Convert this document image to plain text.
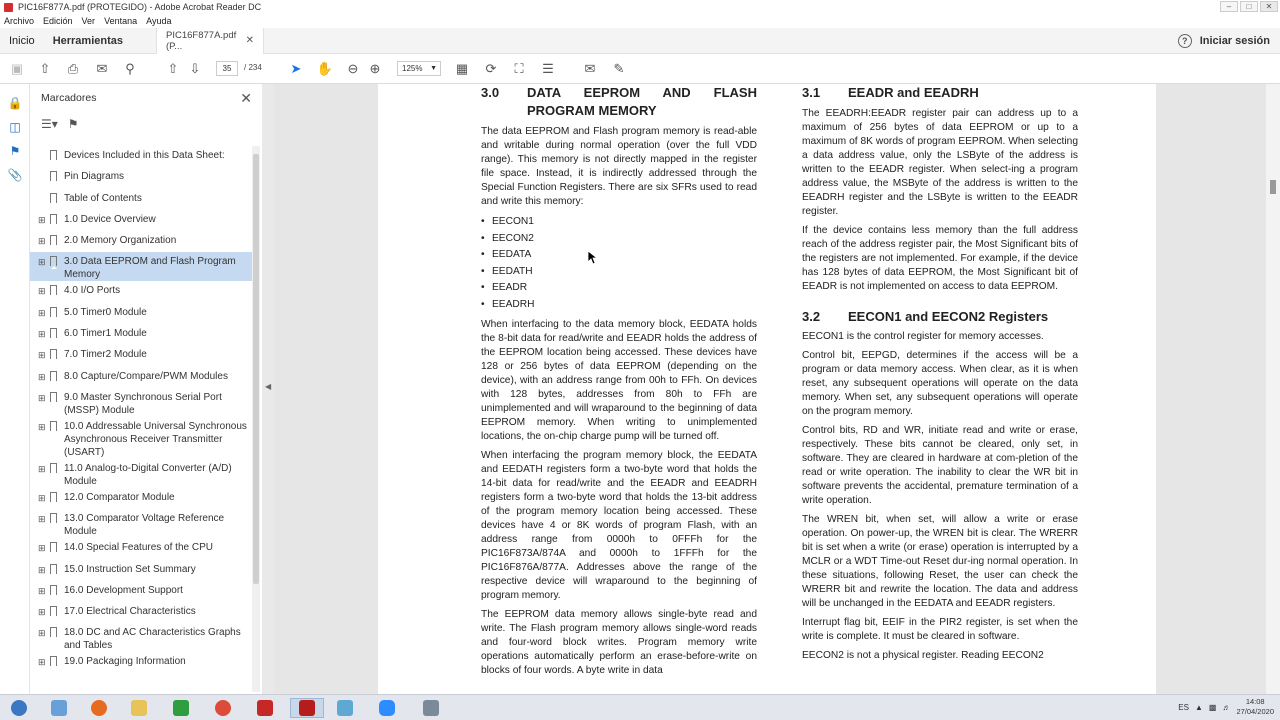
PIC16F877A.pdf (PROTEGIDO) - Adobe Acrobat Reader DC	–	□	✕
Archivo Edición Ver Ventana Ayuda
Inicio	Herramientas	PIC16F877A.pdf (P...	✕	?	Iniciar sesión
▣ ⇧ ⎙ ✉	⚲	⇧ ⇩	35	/ 234 ➤ ✋ ⊖ ⊕	125% ▼ ▦ ⟳	⛶	☰ ✉ ✎
🔒
◫
⚑
📎
Marcadores	✕
☰▾ ⚑
Devices Included in this Data Sheet:
Pin Diagrams
Table of Contents
⊞ 1.0 Device Overview
⊞ 2.0 Memory Organization
⊞ 3.0 Data EEPROM and Flash Program Memory
⊞ 4.0 I/O Ports
⊞ 5.0 Timer0 Module
⊞ 6.0 Timer1 Module
⊞ 7.0 Timer2 Module
⊞ 8.0 Capture/Compare/PWM Modules
⊞ 9.0 Master Synchronous Serial Port (MSSP) Module
⊞ 10.0 Addressable Universal Synchronous Asynchronous Receiver Transmitter (USART)
⊞ 11.0 Analog-to-Digital Converter (A/D) Module
⊞ 12.0 Comparator Module
⊞ 13.0 Comparator Voltage Reference Module
⊞ 14.0 Special Features of the CPU
⊞ 15.0 Instruction Set Summary
⊞ 16.0 Development Support
⊞ 17.0 Electrical Characteristics
⊞ 18.0 DC and AC Characteristics Graphs and Tables
⊞ 19.0 Packaging Information
◀
3.0	DATA EEPROM AND FLASH PROGRAM MEMORY
The data EEPROM and Flash program memory is read-able and writable during normal operation (over the full VDD range). This memory is not directly mapped in the register file space. Instead, it is indirectly addressed through the Special Function Registers. There are six SFRs used to read and write this memory:
• EECON1
• EECON2
• EEDATA
• EEDATH
• EEADR
• EEADRH
When interfacing to the data memory block, EEDATA holds the 8-bit data for read/write and EEADR holds the address of the EEPROM location being accessed. These devices have 128 or 256 bytes of data EEPROM (depending on the device), with an address range from 00h to FFh. On devices with 128 bytes, addresses from 80h to FFh are unimplemented and will wraparound to the beginning of data EEPROM memory. When writing to unimplemented locations, the on-chip charge pump will be turned off.
When interfacing the program memory block, the EEDATA and EEDATH registers form a two-byte word that holds the 14-bit data for read/write and the EEADR and EEADRH registers form a two-byte word that holds the 13-bit address of the program memory location being accessed. These devices have 4 or 8K words of program Flash, with an address range from 0000h to 0FFFh for the PIC16F873A/874A and 0000h to 1FFFh for the PIC16F876A/877A. Addresses above the range of the respective device will wraparound to the beginning of program memory.
The EEPROM data memory allows single-byte read and write. The Flash program memory allows single-word reads and four-word block writes. Program memory write operations automatically perform an erase-before-write on blocks of four words. A byte write in data
3.1	EEADR and EEADRH
The EEADRH:EEADR register pair can address up to a maximum of 256 bytes of data EEPROM or up to a maximum of 8K words of program EEPROM. When selecting a data address value, only the LSByte of the address is written to the EEADR register. When select-ing a program address value, the MSByte of the address is written to the EEADRH register and the LSByte is written to the EEADR register.
If the device contains less memory than the full address reach of the address register pair, the Most Significant bits of the registers are not implemented. For example, if the device has 128 bytes of data EEPROM, the Most Significant bit of EEADR is not implemented on access to data EEPROM.
3.2	EECON1 and EECON2 Registers
EECON1 is the control register for memory accesses.
Control bit, EEPGD, determines if the access will be a program or data memory access. When clear, as it is when reset, any subsequent operations will operate on the data memory. When set, any subsequent operations will operate on the program memory.
Control bits, RD and WR, initiate read and write or erase, respectively. These bits cannot be cleared, only set, in software. They are cleared in hardware at com-pletion of the read or write operation. The inability to clear the WR bit in software prevents the accidental, premature termination of a write operation.
The WREN bit, when set, will allow a write or erase operation. On power-up, the WREN bit is clear. The WRERR bit is set when a write (or erase) operation is interrupted by a MCLR or a WDT Time-out Reset dur-ing normal operation. In these situations, following Reset, the user can check the WRERR bit and rewrite the location. The data and address will be unchanged in the EEDATA and EEADR registers.
Interrupt flag bit, EEIF in the PIR2 register, is set when the write is complete. It must be cleared in software.
EECON2 is not a physical register. Reading EECON2
ES ▲ ▩ ♬
14:08
27/04/2020
